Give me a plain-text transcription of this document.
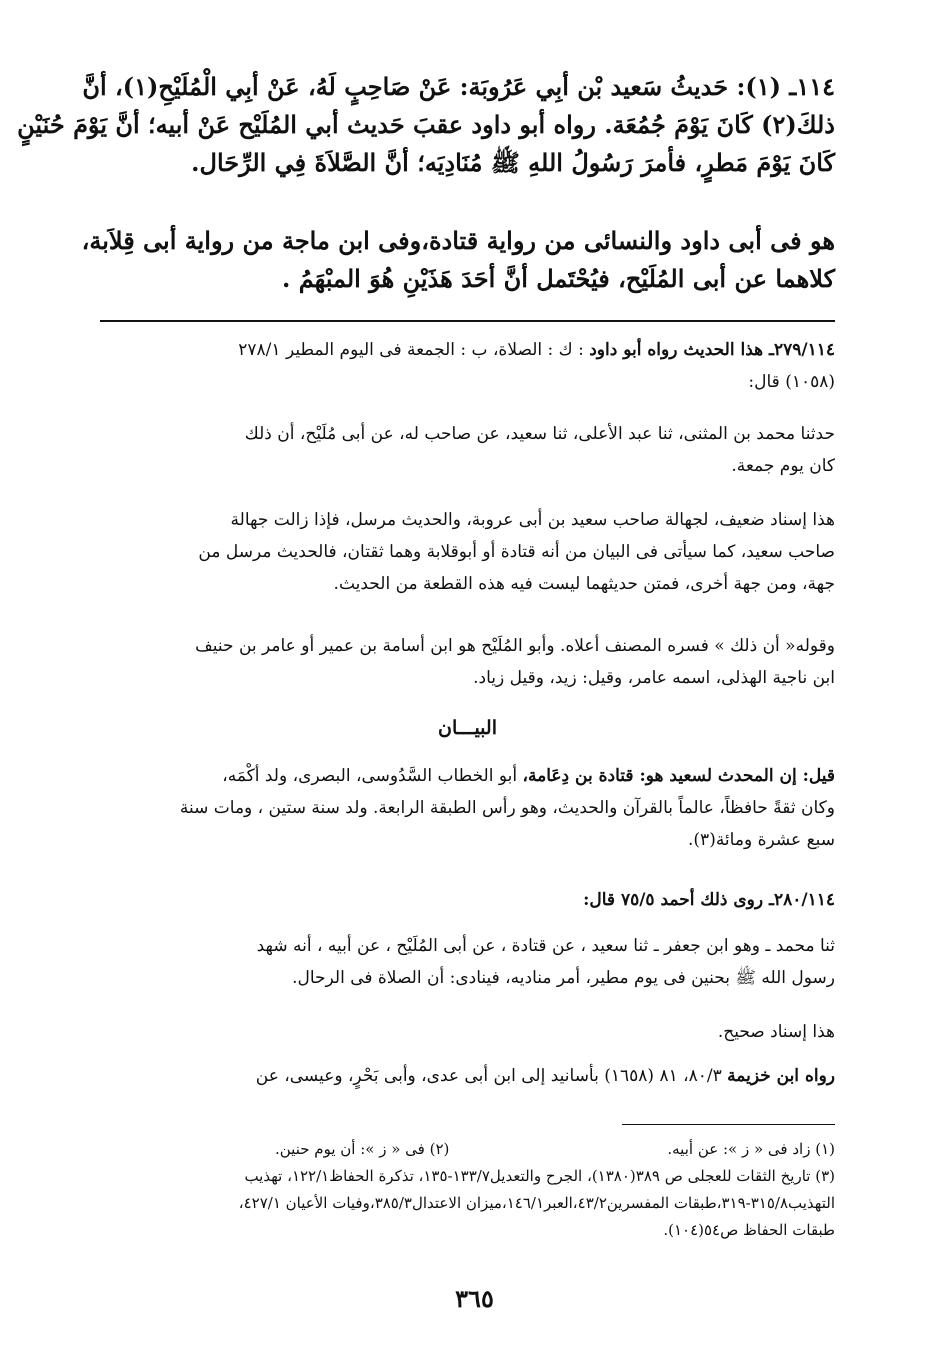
١١٤ـ (١): حَديثُ سَعيد بْن أبِي عَرُوبَة: عَنْ صَاحِبٍ لَهُ، عَنْ أبِي الْمُلَيْحِ(١)، أنَّ
ذلكَ(٢) كَانَ يَوْمَ جُمُعَة. رواه أبو داود عقبَ حَديث أبي المُلَيْح عَنْ أبيه؛ أنَّ يَوْمَ حُنَيْنٍ
كَانَ يَوْمَ مَطرٍ، فأمرَ رَسُولُ اللهِ ﷺ مُنَادِيَه؛ أنَّ الصَّلاَةَ فِي الرِّحَال.
هو فى أبى داود والنسائى من رواية قتادة،وفى ابن ماجة من رواية أبى قِلاَبة،
كلاهما عن أبى المُلَيْح، فيُحْتَمل أنَّ أحَدَ هَذَيْنِ هُوَ المبْهَمُ .
٢٧٩/١١٤ـ هذا الحديث رواه أبو داود : ك : الصلاة، ب : الجمعة فى اليوم المطير ٢٧٨/١
(١٠٥٨) قال:
حدثنا محمد بن المثنى، ثنا عبد الأعلى، ثنا سعيد، عن صاحب له، عن أبى مُلَيْح، أن ذلك
كان يوم جمعة.
هذا إسناد ضعيف، لجهالة صاحب سعيد بن أبى عروبة، والحديث مرسل، فإذا زالت جهالة
صاحب سعيد، كما سيأتى فى البيان من أنه قتادة أو أبوقلابة وهما ثقتان، فالحديث مرسل من
جهة، ومن جهة أخرى، فمتن حديثهما ليست فيه هذه القطعة من الحديث.
وقوله« أن ذلك » فسره المصنف أعلاه. وأبو المُلَيْح هو ابن أسامة بن عمير أو عامر بن حنيف
ابن ناجية الهذلى، اسمه عامر، وقيل: زيد، وقيل زياد.
البيـــان
قيل: إن المحدث لسعيد هو: قتادة بن دِعَامة، أبو الخطاب السَّدُوسى، البصرى، ولد أكْمَه،
وكان ثقةً حافظاً، عالماً بالقرآن والحديث، وهو رأس الطبقة الرابعة. ولد سنة ستين ، ومات سنة
سبع عشرة ومائة(٣).
٢٨٠/١١٤ـ روى ذلك أحمد ٧٥/٥ قال:
ثنا محمد ـ وهو ابن جعفر ـ ثنا سعيد ، عن قتادة ، عن أبى المُلَيْح ، عن أبيه ، أنه شهد
رسول الله ﷺ بحنين فى يوم مطير، أمر مناديه، فينادى: أن الصلاة فى الرحال.
هذا إسناد صحيح.
رواه ابن خزيمة ٨٠/٣، ٨١ (١٦٥٨) بأسانيد إلى ابن أبى عدى، وأبى بَحْرٍ، وعيسى، عن
(١) زاد فى « ز »: عن أبيه.
(٢) فى « ز »: أن يوم حنين.
(٣) تاريخ الثقات للعجلى ص ٣٨٩(١٣٨٠)، الجرح والتعديل١٣٣/٧-١٣٥، تذكرة الحفاظ١٢٢/١، تهذيب
التهذيب٣١٥/٨-٣١٩،طبقات المفسرين٤٣/٢،العبر١٤٦/١،ميزان الاعتدال٣٨٥/٣،وفيات الأعيان ٤٢٧/١،
طبقات الحفاظ ص٥٤(١٠٤).
٣٦٥
